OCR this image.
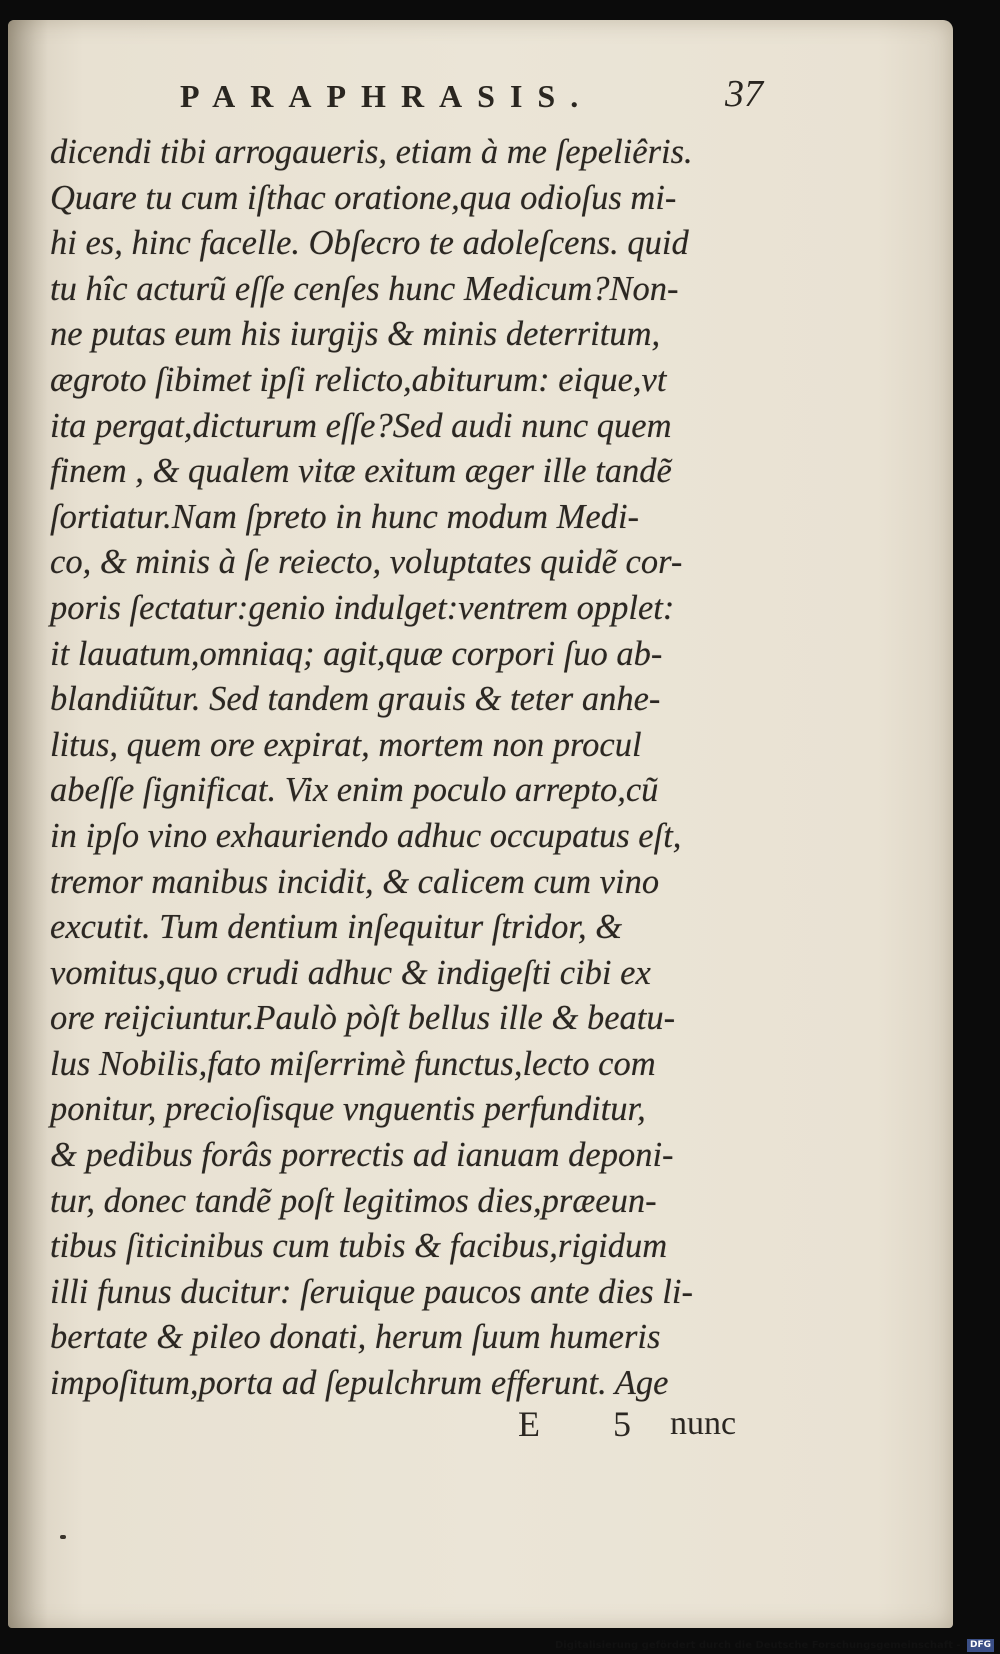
PARAPHRASIS.	37
dicendi tibi arrogaueris, etiam à me ſepeliêris.
Quare tu cum iſthac oratione,qua odioſus mi-
hi es, hinc facelle. Obſecro te adoleſcens. quid
tu hîc acturũ eſſe cenſes hunc Medicum?Non-
ne putas eum his iurgijs & minis deterritum,
ægroto ſibimet ipſi relicto,abiturum: eique,vt
ita pergat,dicturum eſſe?Sed audi nunc quem
finem , & qualem vitæ exitum æger ille tandẽ
ſortiatur.Nam ſpreto in hunc modum Medi-
co, & minis à ſe reiecto, voluptates quidẽ cor-
poris ſectatur:genio indulget:ventrem opplet:
it lauatum,omniaq; agit,quæ corpori ſuo ab-
blandiũtur. Sed tandem grauis & teter anhe-
litus, quem ore expirat, mortem non procul
abeſſe ſignificat. Vix enim poculo arrepto,cũ
in ipſo vino exhauriendo adhuc occupatus eſt,
tremor manibus incidit, & calicem cum vino
excutit. Tum dentium inſequitur ſtridor, &
vomitus,quo crudi adhuc & indigeſti cibi ex
ore reijciuntur.Paulò pòſt bellus ille & beatu-
lus Nobilis,fato miſerrimè functus,lecto com
ponitur, precioſisque vnguentis perfunditur,
& pedibus forâs porrectis ad ianuam deponi-
tur, donec tandẽ poſt legitimos dies,præeun-
tibus ſiticinibus cum tubis & facibus,rigidum
illi funus ducitur: ſeruique paucos ante dies li-
bertate & pileo donati, herum ſuum humeris
impoſitum,porta ad ſepulchrum efferunt. Age
E 5 nunc
Digitalisierung gefördert durch die Deutsche Forschungsgemeinschaft - DFG
